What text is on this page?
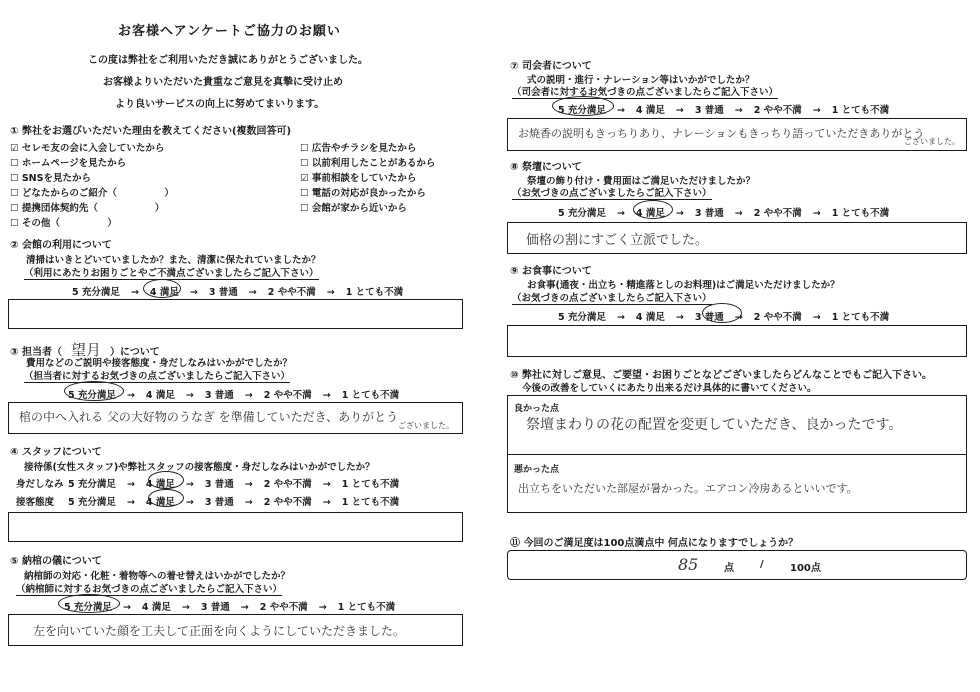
お客様へアンケートご協力のお願い
この度は弊社をご利用いただき誠にありがとうございました。
お客様よりいただいた貴重なご意見を真摯に受け止め
より良いサービスの向上に努めてまいります。
① 弊社をお選びいただいた理由を教えてください(複数回答可)
☑ セレモ友の会に入会していたから
☐ ホームページを見たから
☐ SNSを見たから
☐ どなたからのご紹介（　　　　　）
☐ 提携団体契約先（　　　　　　）
☐ その他（　　　　　）
☐ 広告やチラシを見たから
☐ 以前利用したことがあるから
☑ 事前相談をしていたから
☐ 電話の対応が良かったから
☐ 会館が家から近いから
② 会館の利用について
清掃はいきとどいていましたか？また、清潔に保たれていましたか？
（利用にあたりお困りごとやご不満点ございましたらご記入下さい）
5 充分満足 → 4 満足 → 3 普通 → 2 やや不満 → 1 とても不満
③ 担当者（ 望月 ）について
費用などのご説明や接客態度・身だしなみはいかがでしたか？
（担当者に対するお気づきの点ございましたらご記入下さい）
5 充分満足 → 4 満足 → 3 普通 → 2 やや不満 → 1 とても不満
棺の中へ入れる 父の大好物のうなぎ を準備していただき、ありがとう
ございました。
④ スタッフについて
接待係(女性スタッフ)や弊社スタッフの接客態度・身だしなみはいかがでしたか？
身だしなみ 5 充分満足 → 4 満足 → 3 普通 → 2 やや不満 → 1 とても不満
接客態度 5 充分満足 → 4 満足 → 3 普通 → 2 やや不満 → 1 とても不満
⑤ 納棺の儀について
納棺師の対応・化粧・着物等への着せ替えはいかがでしたか？
（納棺師に対するお気づきの点ございましたらご記入下さい）
5 充分満足 → 4 満足 → 3 普通 → 2 やや不満 → 1 とても不満
左を向いていた顔を工夫して正面を向くようにしていただきました。
⑦ 司会者について
式の説明・進行・ナレーション等はいかがでしたか？
（司会者に対するお気づきの点ございましたらご記入下さい）
5 充分満足 → 4 満足 → 3 普通 → 2 やや不満 → 1 とても不満
お焼香の説明もきっちりあり、ナレーションもきっちり語っていただきありがとう
ございました。
⑧ 祭壇について
祭壇の飾り付け・費用面はご満足いただけましたか？
（お気づきの点ございましたらご記入下さい）
5 充分満足 → 4 満足 → 3 普通 → 2 やや不満 → 1 とても不満
価格の割にすごく立派でした。
⑨ お食事について
お食事(通夜・出立ち・精進落としのお料理)はご満足いただけましたか？
（お気づきの点ございましたらご記入下さい）
5 充分満足 → 4 満足 → 3 普通 → 2 やや不満 → 1 とても不満
⑩ 弊社に対しご意見、ご要望・お困りごとなどございましたらどんなことでもご記入下さい。
今後の改善をしていくにあたり出来るだけ具体的に書いてください。
良かった点
祭壇まわりの花の配置を変更していただき、良かったです。
悪かった点
出立ちをいただいた部屋が暑かった。エアコン冷房あるといいです。
⑪ 今回のご満足度は100点満点中 何点になりますでしょうか？
85	点	/	100点
